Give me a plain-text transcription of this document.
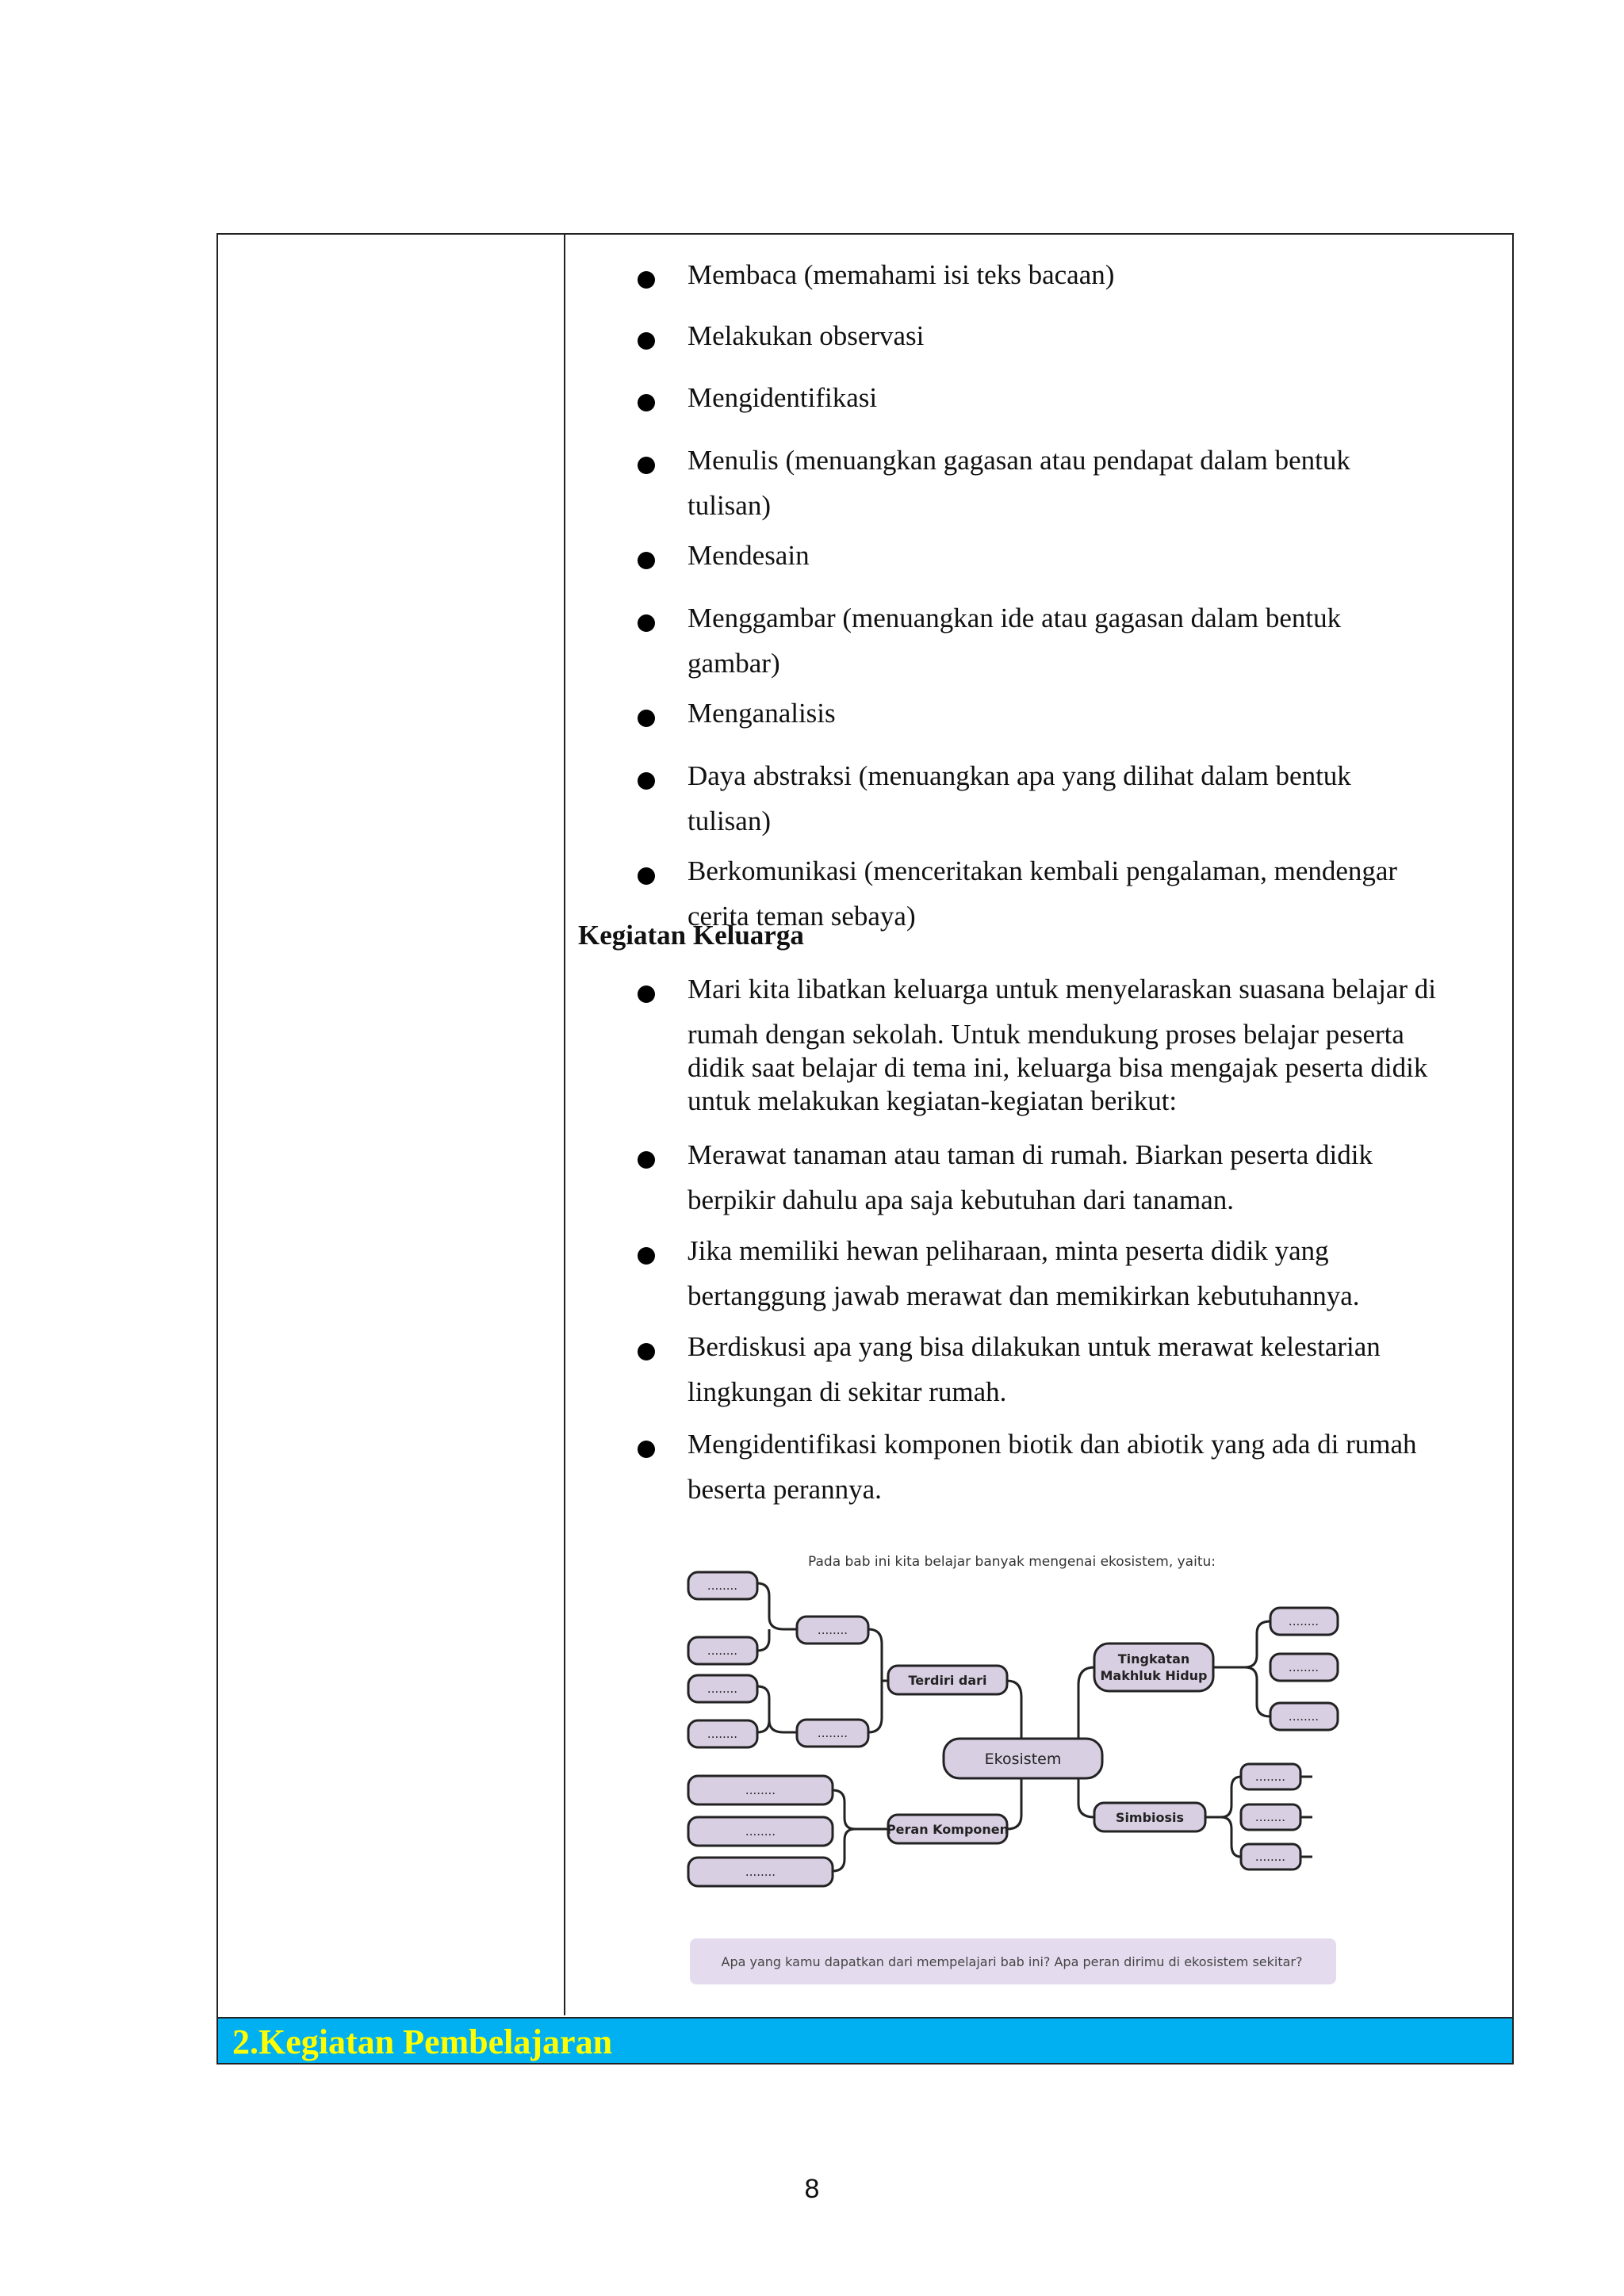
Membaca (memahami isi teks bacaan)
Melakukan observasi
Mengidentifikasi
Menulis (menuangkan gagasan atau pendapat dalam bentuk
tulisan)
Mendesain
Menggambar (menuangkan ide atau gagasan dalam bentuk
gambar)
Menganalisis
Daya abstraksi (menuangkan apa yang dilihat dalam bentuk
tulisan)
Berkomunikasi (menceritakan kembali pengalaman, mendengar
cerita teman sebaya)
Kegiatan Keluarga
Mari kita libatkan keluarga untuk menyelaraskan suasana belajar di
rumah dengan sekolah. Untuk mendukung proses belajar peserta
didik saat belajar di tema ini, keluarga bisa mengajak peserta didik
untuk melakukan kegiatan-kegiatan berikut:
Merawat tanaman atau taman di rumah. Biarkan peserta didik
berpikir dahulu apa saja kebutuhan dari tanaman.
Jika memiliki hewan peliharaan, minta peserta didik yang
bertanggung jawab merawat dan memikirkan kebutuhannya.
Berdiskusi apa yang bisa dilakukan untuk merawat kelestarian
lingkungan di sekitar rumah.
Mengidentifikasi komponen biotik dan abiotik yang ada di rumah
beserta perannya.
2.Kegiatan Pembelajaran
Pada bab ini kita belajar banyak mengenai ekosistem, yaitu:
........
........
........
........
........
........
........
........
........
........
........
........
........
........
........
Terdiri dari
Tingkatan
Makhluk Hidup
Peran Komponen
Simbiosis
Ekosistem
Apa yang kamu dapatkan dari mempelajari bab ini? Apa peran dirimu di ekosistem sekitar?
8
